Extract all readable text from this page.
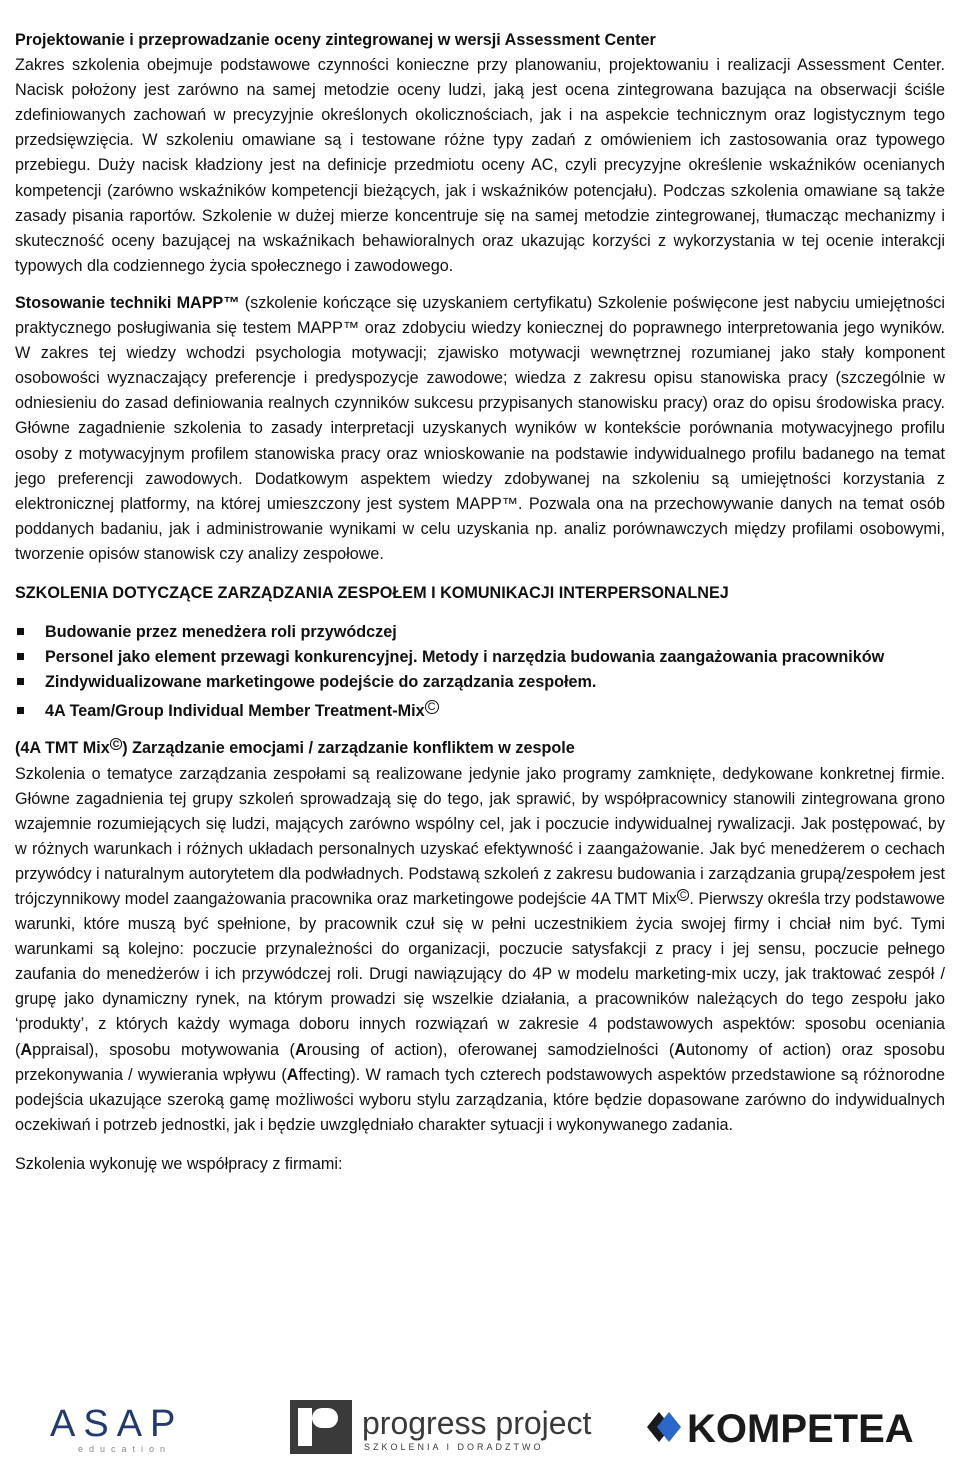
Projektowanie i przeprowadzanie oceny zintegrowanej w wersji Assessment Center
Zakres szkolenia obejmuje podstawowe czynności konieczne przy planowaniu, projektowaniu i realizacji Assessment Center. Nacisk położony jest zarówno na samej metodzie oceny ludzi, jaką jest ocena zintegrowana bazująca na obserwacji ściśle zdefiniowanych zachowań w precyzyjnie określonych okolicznościach, jak i na aspekcie technicznym oraz logistycznym tego przedsięwzięcia. W szkoleniu omawiane są i testowane różne typy zadań z omówieniem ich zastosowania oraz typowego przebiegu. Duży nacisk kładziony jest na definicje przedmiotu oceny AC, czyli precyzyjne określenie wskaźników ocenianych kompetencji (zarówno wskaźników kompetencji bieżących, jak i wskaźników potencjału). Podczas szkolenia omawiane są także zasady pisania raportów. Szkolenie w dużej mierze koncentruje się na samej metodzie zintegrowanej, tłumacząc mechanizmy i skuteczność oceny bazującej na wskaźnikach behawioralnych oraz ukazując korzyści z wykorzystania w tej ocenie interakcji typowych dla codziennego życia społecznego i zawodowego.

Stosowanie techniki MAPP™ (szkolenie kończące się uzyskaniem certyfikatu) Szkolenie poświęcone jest nabyciu umiejętności praktycznego posługiwania się testem MAPP™ oraz zdobyciu wiedzy koniecznej do poprawnego interpretowania jego wyników. W zakres tej wiedzy wchodzi psychologia motywacji; zjawisko motywacji wewnętrznej rozumianej jako stały komponent osobowości wyznaczający preferencje i predyspozycje zawodowe; wiedza z zakresu opisu stanowiska pracy (szczególnie w odniesieniu do zasad definiowania realnych czynników sukcesu przypisanych stanowisku pracy) oraz do opisu środowiska pracy. Główne zagadnienie szkolenia to zasady interpretacji uzyskanych wyników w kontekście porównania motywacyjnego profilu osoby z motywacyjnym profilem stanowiska pracy oraz wnioskowanie na podstawie indywidualnego profilu badanego na temat jego preferencji zawodowych. Dodatkowym aspektem wiedzy zdobywanej na szkoleniu są umiejętności korzystania z elektronicznej platformy, na której umieszczony jest system MAPP™. Pozwala ona na przechowywanie danych na temat osób poddanych badaniu, jak i administrowanie wynikami w celu uzyskania np. analiz porównawczych między profilami osobowymi, tworzenie opisów stanowisk czy analizy zespołowe.

SZKOLENIA DOTYCZĄCE ZARZĄDZANIA ZESPOŁEM I KOMUNIKACJI INTERPERSONALNEJ
Budowanie przez menedżera roli przywódczej
Personel jako element przewagi konkurencyjnej. Metody i narzędzia budowania zaangażowania pracowników
Zindywidualizowane marketingowe podejście do zarządzania zespołem.
4A Team/Group Individual Member Treatment-Mix $^C$

(4A TMT Mix $^C$ ) Zarządzanie emocjami / zarządzanie konfliktem w zespole
Szkolenia o tematyce zarządzania zespołami są realizowane jedynie jako programy zamknięte, dedykowane konkretnej firmie. Główne zagadnienia tej grupy szkoleń sprowadzają się do tego, jak sprawić, by współpracownicy stanowili zintegrowana grono wzajemnie rozumiejących się ludzi, mających zarówno wspólny cel, jak i poczucie indywidualnej rywalizacji. Jak postępować, by w różnych warunkach i różnych układach personalnych uzyskać efektywność i zaangażowanie. Jak być menedżerem o cechach przywódcy i naturalnym autorytetem dla podwładnych. Podstawą szkoleń z zakresu budowania i zarządzania grupą/zespołem jest trójczynnikowy model zaangażowania pracownika oraz marketingowe podejście 4A TMT Mix $^C$ . Pierwszy określa trzy podstawowe warunki, które muszą być spełnione, by pracownik czuł się w pełni uczestnikiem życia swojej firmy i chciał nim być. Tymi warunkami są kolejno: poczucie przynależności do organizacji, poczucie satysfakcji z pracy i jej sensu, poczucie pełnego zaufania do menedżerów i ich przywódczej roli. Drugi nawiązujący do 4P w modelu marketing-mix uczy, jak traktować zespół / grupę jako dynamiczny rynek, na którym prowadzi się wszelkie działania, a pracowników należących do tego zespołu jako ‘produkty’, z których każdy wymaga doboru innych rozwiązań w zakresie 4 podstawowych aspektów: sposobu oceniania (Appraisal), sposobu motywowania (Arousing of action), oferowanej samodzielności (Autonomy of action) oraz sposobu przekonywania / wywierania wpływu (Affecting). W ramach tych czterech podstawowych aspektów przedstawione są różnorodne podejścia ukazujące szeroką gamę możliwości wyboru stylu zarządzania, które będzie dopasowane zarówno do indywidualnych oczekiwań i potrzeb jednostki, jak i będzie uwzględniało charakter sytuacji i wykonywanego zadania.

Szkolenia wykonuję we współpracy z firmami:

ASAP
education
progress project
SZKOLENIA I DORADZTWO	KOMPETEA
